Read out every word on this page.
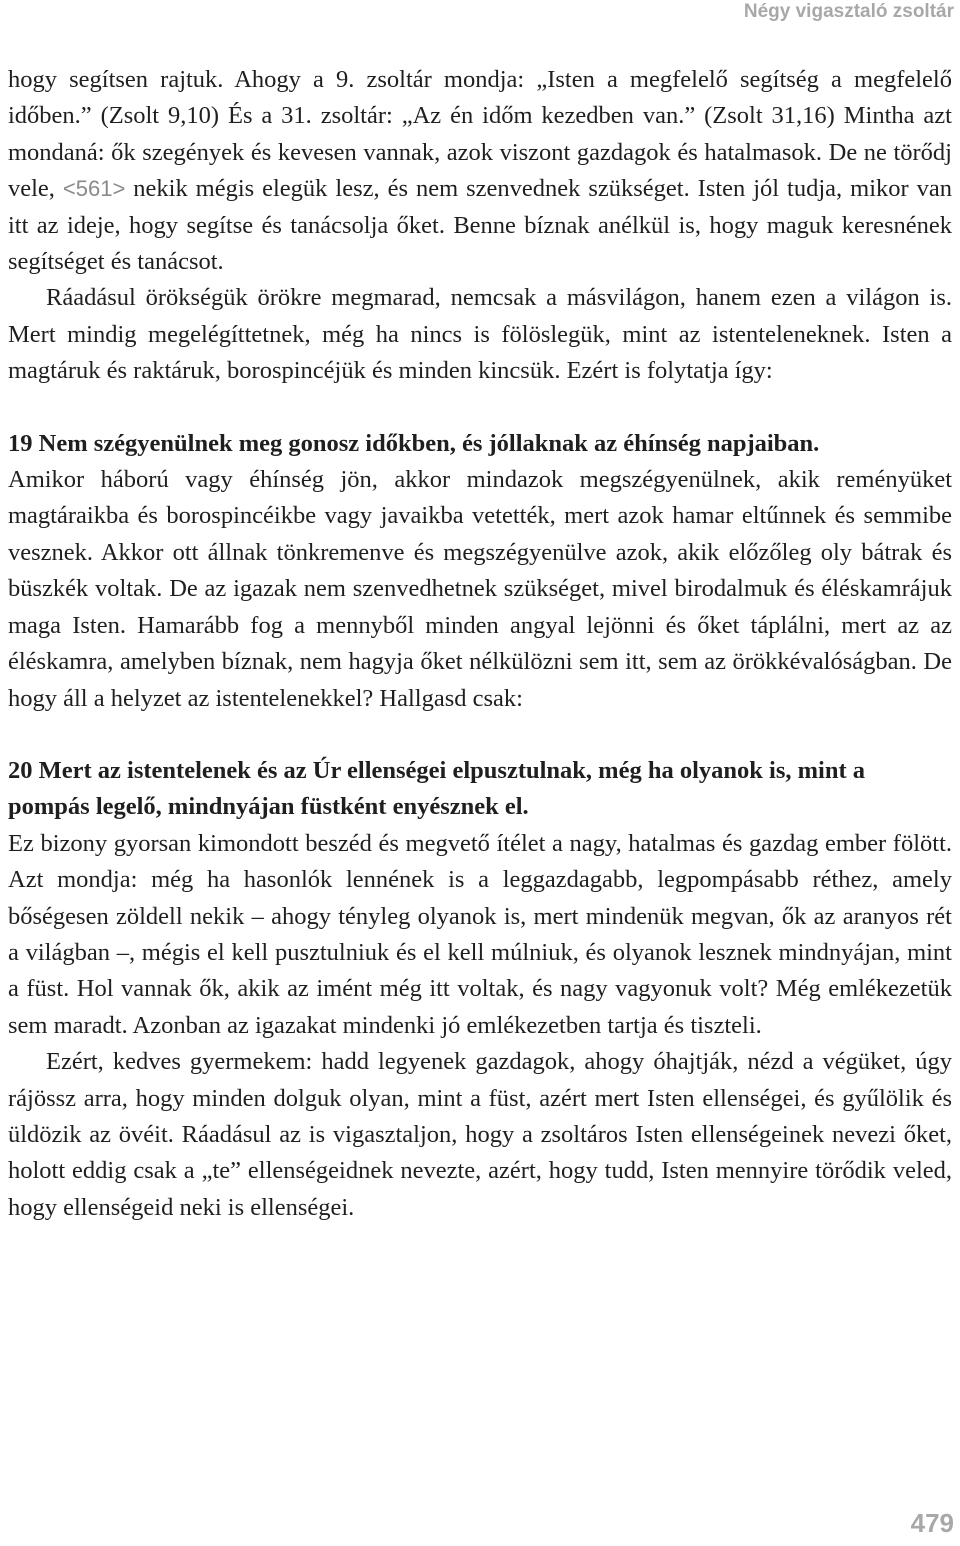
Négy vigasztaló zsoltár

hogy segítsen rajtuk. Ahogy a 9. zsoltár mondja: „Isten a megfelelő segítség a megfelelő időben.” (Zsolt 9,10) És a 31. zsoltár: „Az én időm kezedben van.” (Zsolt 31,16) Mintha azt mondaná: ők szegények és kevesen vannak, azok viszont gazdagok és hatalmasok. De ne törődj vele, <561> nekik mégis elegük lesz, és nem szenvednek szükséget. Isten jól tudja, mikor van itt az ideje, hogy segítse és tanácsolja őket. Benne bíznak anélkül is, hogy maguk keresnének segítséget és tanácsot.

Ráadásul örökségük örökre megmarad, nemcsak a másvilágon, hanem ezen a világon is. Mert mindig megelégíttetnek, még ha nincs is fölöslegük, mint az istenteleneknek. Isten a magtáruk és raktáruk, borospincéjük és minden kincsük. Ezért is folytatja így:

19 Nem szégyenülnek meg gonosz időkben, és jóllaknak az éhínség napjaiban.

Amikor háború vagy éhínség jön, akkor mindazok megszégyenülnek, akik reményüket magtáraikba és borospincéikbe vagy javaikba vetették, mert azok hamar eltűnnek és semmibe vesznek. Akkor ott állnak tönkremenve és megszégyenülve azok, akik előzőleg oly bátrak és büszkék voltak. De az igazak nem szenvedhetnek szükséget, mivel birodalmuk és éléskamrájuk maga Isten. Hamarább fog a mennyből minden angyal lejönni és őket táplálni, mert az az éléskamra, amelyben bíznak, nem hagyja őket nélkülözni sem itt, sem az örökkévalóságban. De hogy áll a helyzet az istentelenekkel? Hallgasd csak:

20 Mert az istentelenek és az Úr ellenségei elpusztulnak, még ha olyanok is, mint a pompás legelő, mindnyájan füstként enyésznek el.

Ez bizony gyorsan kimondott beszéd és megvető ítélet a nagy, hatalmas és gazdag ember fölött. Azt mondja: még ha hasonlók lennének is a leggazdagabb, legpompásabb réthez, amely bőségesen zöldell nekik – ahogy tényleg olyanok is, mert mindenük megvan, ők az aranyos rét a világban –, mégis el kell pusztulniuk és el kell múlniuk, és olyanok lesznek mindnyájan, mint a füst. Hol vannak ők, akik az imént még itt voltak, és nagy vagyonuk volt? Még emlékezetük sem maradt. Azonban az igazakat mindenki jó emlékezetben tartja és tiszteli.

Ezért, kedves gyermekem: hadd legyenek gazdagok, ahogy óhajtják, nézd a végüket, úgy rájössz arra, hogy minden dolguk olyan, mint a füst, azért mert Isten ellenségei, és gyűlölik és üldözik az övéit. Ráadásul az is vigasztaljon, hogy a zsoltáros Isten ellenségeinek nevezi őket, holott eddig csak a „te” ellenségeidnek nevezte, azért, hogy tudd, Isten mennyire törődik veled, hogy ellenségeid neki is ellenségei.

479
